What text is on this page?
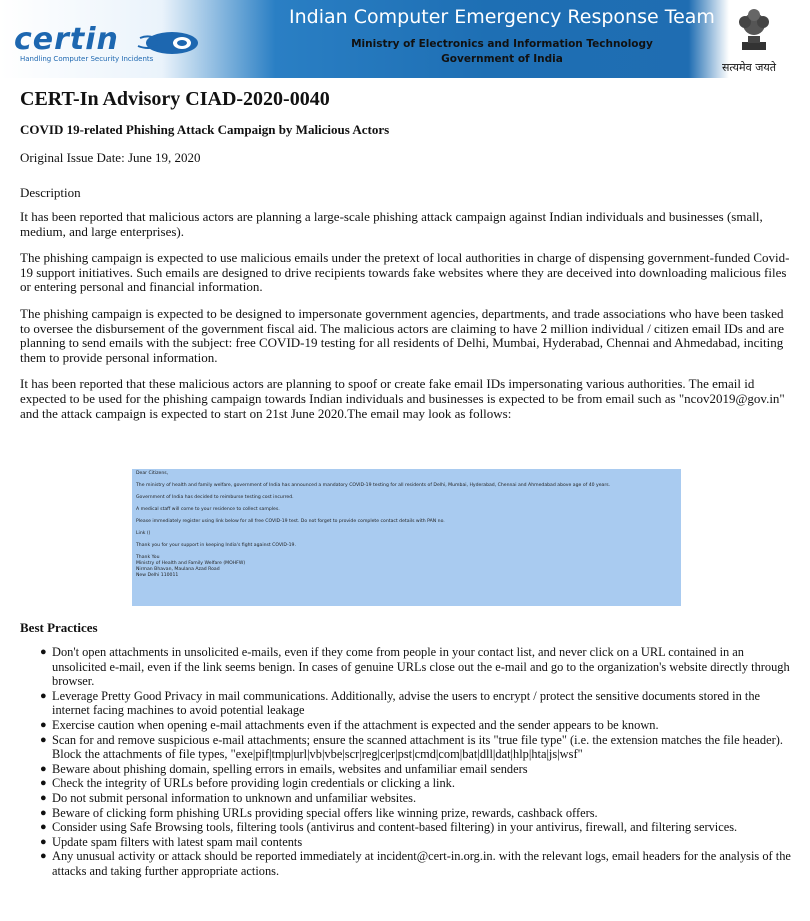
certin
Handling Computer Security Incidents
Indian Computer Emergency Response Team
Ministry of Electronics and Information Technology
Government of India
सत्यमेव जयते
CERT-In Advisory CIAD-2020-0040
COVID 19-related Phishing Attack Campaign by Malicious Actors
Original Issue Date: June 19, 2020
Description

It has been reported that malicious actors are planning a large-scale phishing attack campaign against Indian individuals and businesses (small, medium, and large enterprises).

The phishing campaign is expected to use malicious emails under the pretext of local authorities in charge of dispensing government-funded Covid-19 support initiatives. Such emails are designed to drive recipients towards fake websites where they are deceived into downloading malicious files or entering personal and financial information.

The phishing campaign is expected to be designed to impersonate government agencies, departments, and trade associations who have been tasked to oversee the disbursement of the government fiscal aid. The malicious actors are claiming to have 2 million individual / citizen email IDs and are planning to send emails with the subject: free COVID-19 testing for all residents of Delhi, Mumbai, Hyderabad, Chennai and Ahmedabad, inciting them to provide personal information.

It has been reported that these malicious actors are planning to spoof or create fake email IDs impersonating various authorities. The email id expected to be used for the phishing campaign towards Indian individuals and businesses is expected to be from email such as "ncov2019@gov.in" and the attack campaign is expected to start on 21st June 2020.The email may look as follows:

Dear Citizens,
The ministry of health and family welfare, government of India has announced a mandatory COVID-19 testing for all residents of Delhi, Mumbai, Hyderabad, Chennai and Ahmedabad above age of 40 years.
Government of India has decided to reimburse testing cost incurred.
A medical staff will come to your residence to collect samples.
Please immediately register using link below for all free COVID-19 test. Do not forget to provide complete contact details with PAN no.
Link ()
Thank you for your support in keeping India's fight against COVID-19.
Thank You
Ministry of Health and Family Welfare (MOHFW)
Nirman Bhavan, Maulana Azad Road
New Delhi 110011
Best Practices
● Don't open attachments in unsolicited e-mails, even if they come from people in your contact list, and never click on a URL contained in an unsolicited e-mail, even if the link seems benign. In cases of genuine URLs close out the e-mail and go to the organization's website directly through browser.
● Leverage Pretty Good Privacy in mail communications. Additionally, advise the users to encrypt / protect the sensitive documents stored in the internet facing machines to avoid potential leakage
● Exercise caution when opening e-mail attachments even if the attachment is expected and the sender appears to be known.
● Scan for and remove suspicious e-mail attachments; ensure the scanned attachment is its "true file type" (i.e. the extension matches the file header). Block the attachments of file types, "exe|pif|tmp|url|vb|vbe|scr|reg|cer|pst|cmd|com|bat|dll|dat|hlp|hta|js|wsf"
● Beware about phishing domain, spelling errors in emails, websites and unfamiliar email senders
● Check the integrity of URLs before providing login credentials or clicking a link.
● Do not submit personal information to unknown and unfamiliar websites.
● Beware of clicking form phishing URLs providing special offers like winning prize, rewards, cashback offers.
● Consider using Safe Browsing tools, filtering tools (antivirus and content-based filtering) in your antivirus, firewall, and filtering services.
● Update spam filters with latest spam mail contents
● Any unusual activity or attack should be reported immediately at incident@cert-in.org.in. with the relevant logs, email headers for the analysis of the attacks and taking further appropriate actions.
